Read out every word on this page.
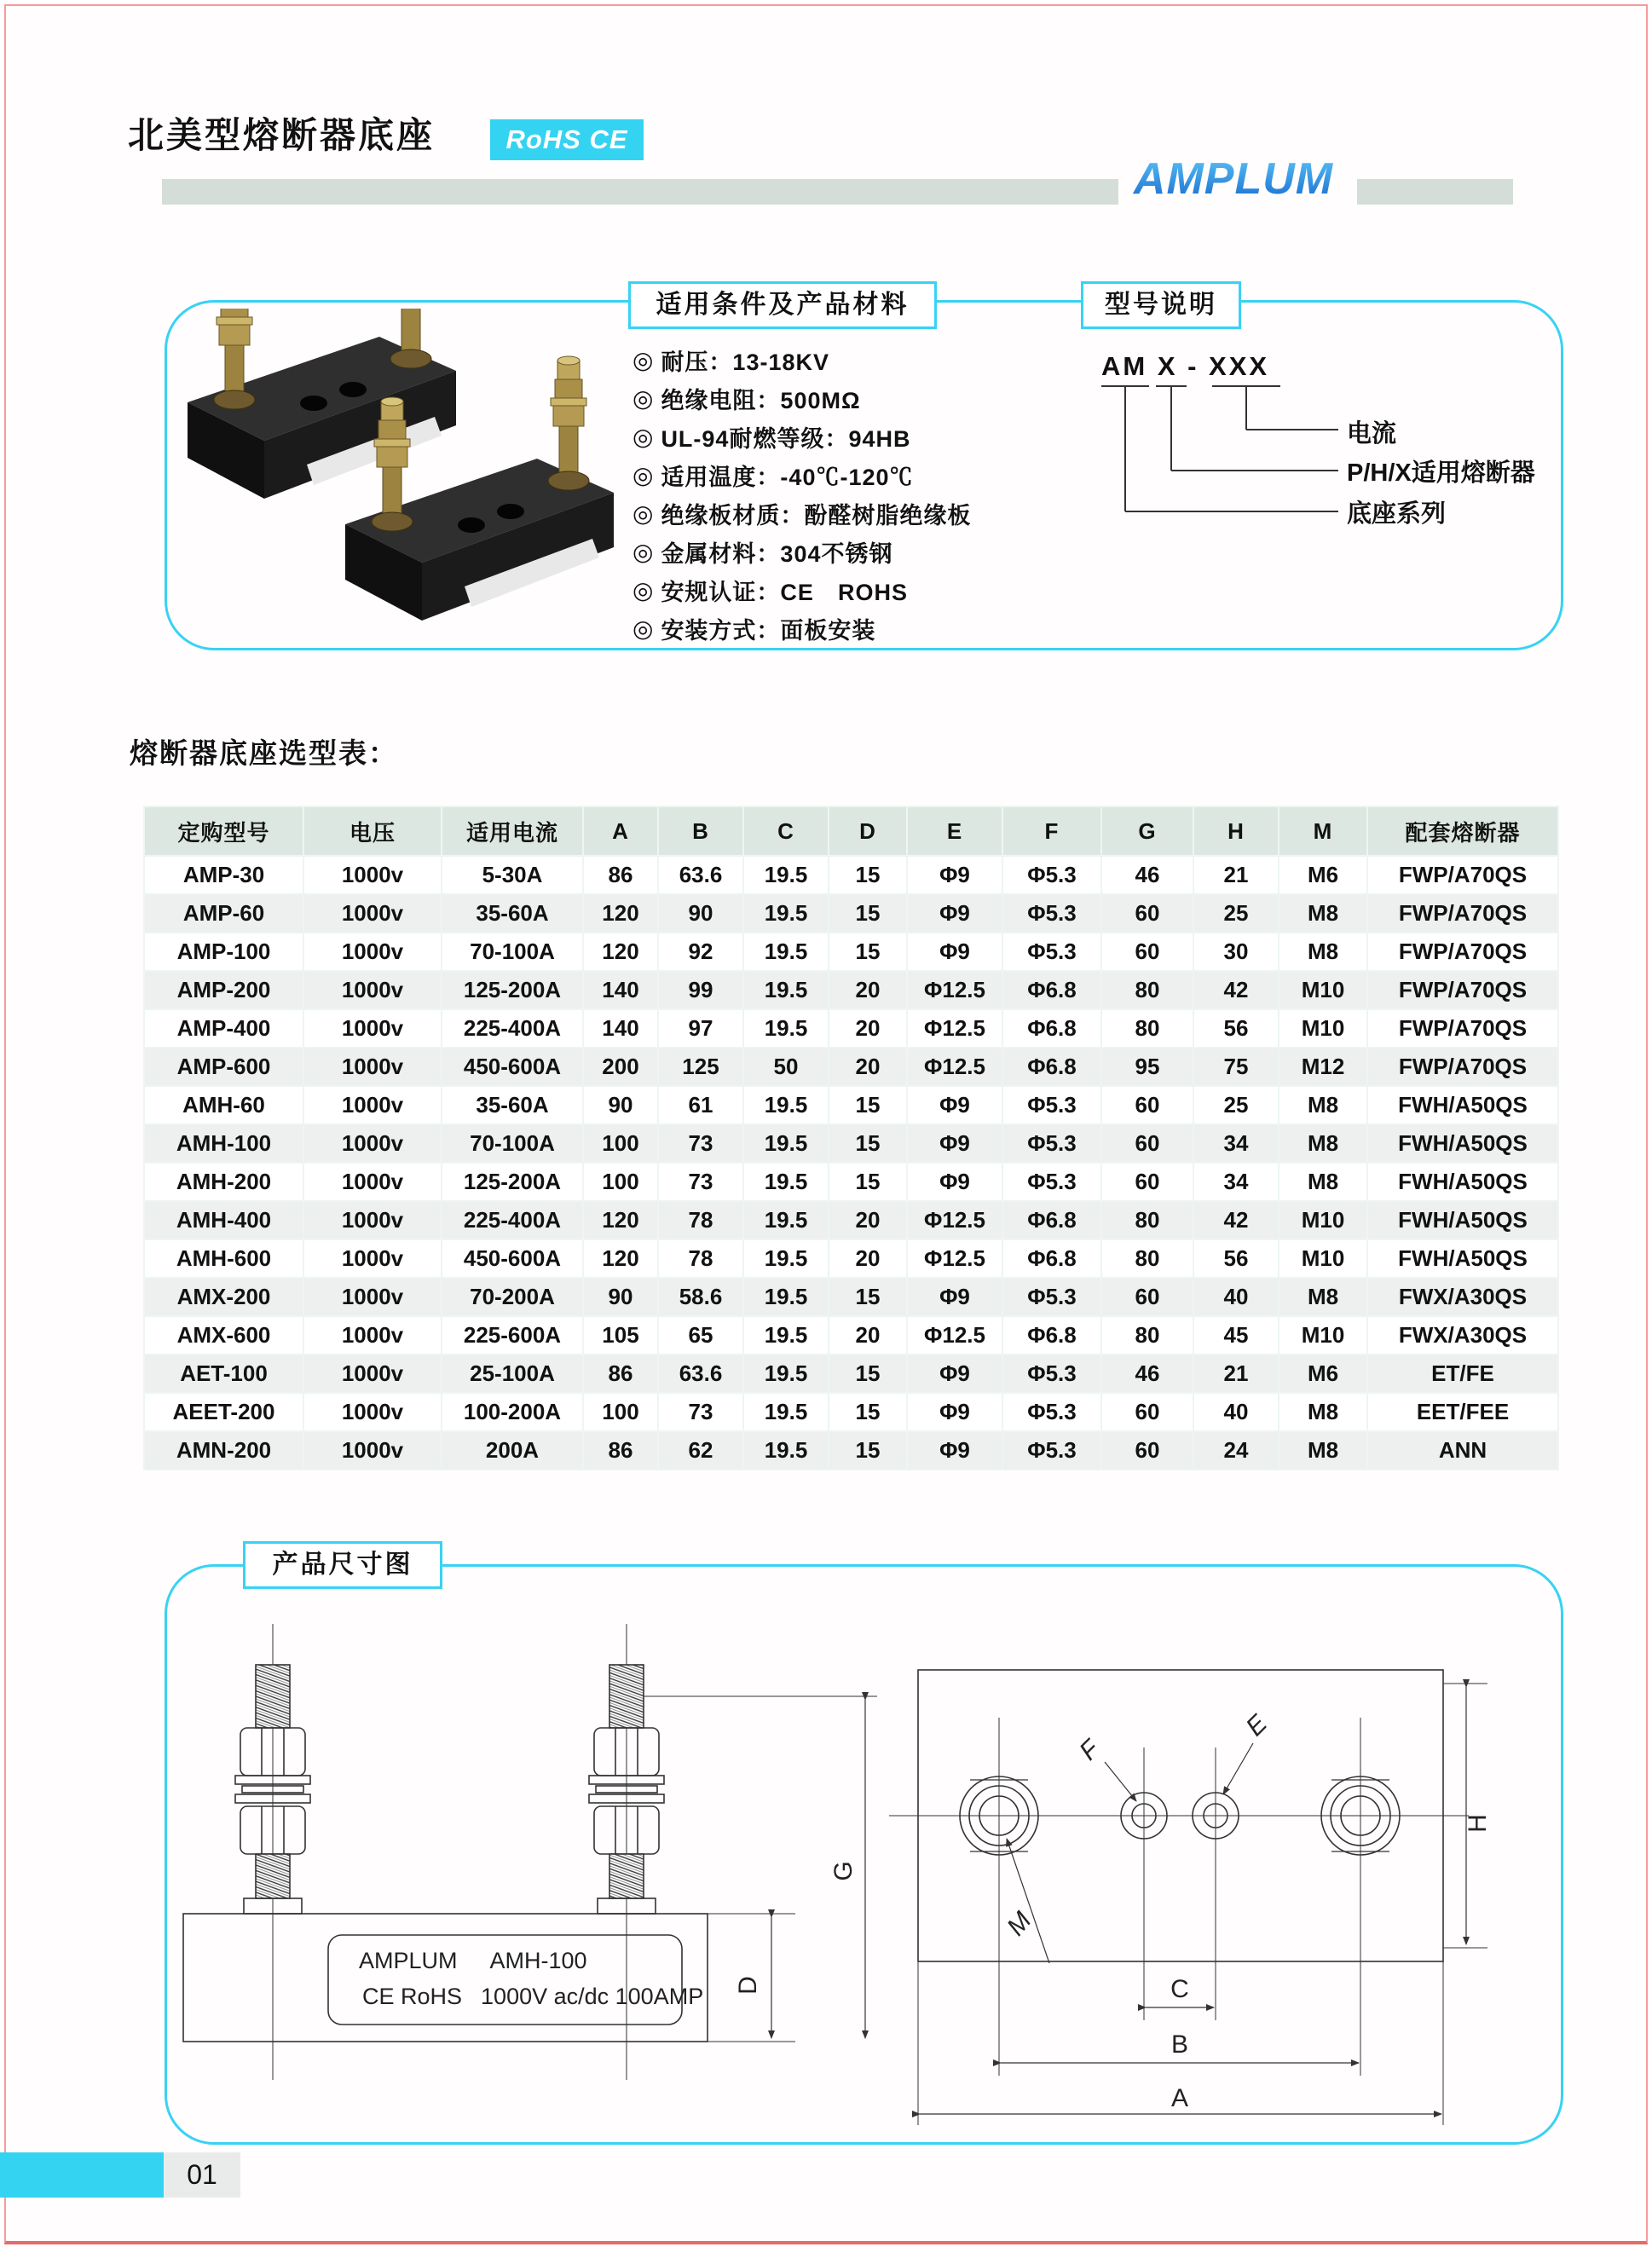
北美型熔断器底座	RoHS CE
AMPLUM
适用条件及产品材料	型号说明
◎ 耐压：13-18KV
◎ 绝缘电阻：500MΩ
◎ UL-94耐燃等级：94HB
◎ 适用温度：-40℃-120℃
◎ 绝缘板材质：酚醛树脂绝缘板
◎ 金属材料：304不锈钢
◎ 安规认证：CE　ROHS
◎ 安装方式：面板安装
AM X - XXX
电流
P/H/X适用熔断器
底座系列
熔断器底座选型表：
定购型号	电压	适用电流	A	B	C	D	E	F	G	H	M	配套熔断器
AMP-30	1000v	5-30A	86	63.6	19.5	15	Φ9	Φ5.3	46	21	M6	FWP/A70QS
AMP-60	1000v	35-60A	120	90	19.5	15	Φ9	Φ5.3	60	25	M8	FWP/A70QS
AMP-100	1000v	70-100A	120	92	19.5	15	Φ9	Φ5.3	60	30	M8	FWP/A70QS
AMP-200	1000v	125-200A	140	99	19.5	20	Φ12.5	Φ6.8	80	42	M10	FWP/A70QS
AMP-400	1000v	225-400A	140	97	19.5	20	Φ12.5	Φ6.8	80	56	M10	FWP/A70QS
AMP-600	1000v	450-600A	200	125	50	20	Φ12.5	Φ6.8	95	75	M12	FWP/A70QS
AMH-60	1000v	35-60A	90	61	19.5	15	Φ9	Φ5.3	60	25	M8	FWH/A50QS
AMH-100	1000v	70-100A	100	73	19.5	15	Φ9	Φ5.3	60	34	M8	FWH/A50QS
AMH-200	1000v	125-200A	100	73	19.5	15	Φ9	Φ5.3	60	34	M8	FWH/A50QS
AMH-400	1000v	225-400A	120	78	19.5	20	Φ12.5	Φ6.8	80	42	M10	FWH/A50QS
AMH-600	1000v	450-600A	120	78	19.5	20	Φ12.5	Φ6.8	80	56	M10	FWH/A50QS
AMX-200	1000v	70-200A	90	58.6	19.5	15	Φ9	Φ5.3	60	40	M8	FWX/A30QS
AMX-600	1000v	225-600A	105	65	19.5	20	Φ12.5	Φ6.8	80	45	M10	FWX/A30QS
AET-100	1000v	25-100A	86	63.6	19.5	15	Φ9	Φ5.3	46	21	M6	ET/FE
AEET-200	1000v	100-200A	100	73	19.5	15	Φ9	Φ5.3	60	40	M8	EET/FEE
AMN-200	1000v	200A	86	62	19.5	15	Φ9	Φ5.3	60	24	M8	ANN
产品尺寸图
AMPLUM AMH-100
CE RoHS 1000V ac/dc 100AMP D
G
F
E
M
H
C
B
A
01
